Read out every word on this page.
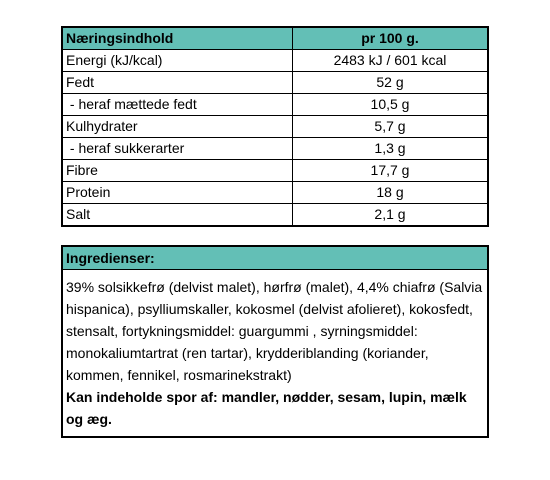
Næringsindhold	pr 100 g.
Energi (kJ/kcal)	2483 kJ / 601 kcal
Fedt	52 g
- heraf mættede fedt	10,5 g
Kulhydrater	5,7 g
- heraf sukkerarter	1,3 g
Fibre	17,7 g
Protein	18 g
Salt	2,1 g
Ingredienser:
39% solsikkefrø (delvist malet), hørfrø (malet), 4,4% chiafrø (Salvia hispanica), psylliumskaller, kokosmel (delvist afolieret), kokosfedt, stensalt, fortykningsmiddel: guargummi , syrningsmiddel: monokaliumtartrat (ren tartar), krydderiblanding (koriander, kommen, fennikel, rosmarinekstrakt)
Kan indeholde spor af: mandler, nødder, sesam, lupin, mælk og æg.
